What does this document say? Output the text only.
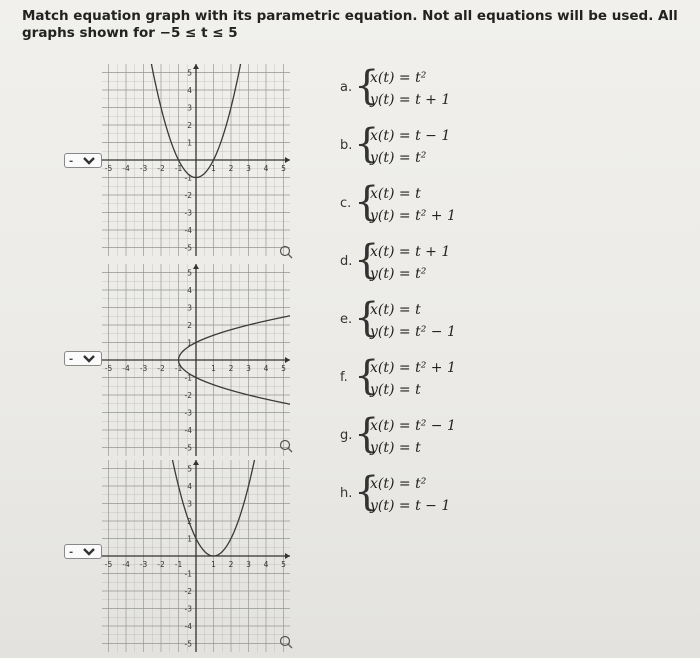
Match equation graph with its parametric equation. Not all equations will be used. All graphs shown for −5 ≤ t ≤ 5
-5 -4 -3 -2 -1	1 2 3 4 5
5
4
3
2
1
-1
-2
-3
-4
-5
-
-5 -4 -3 -2 -1	1 2 3 4 5
5
4
3
2
1
-1
-2
-3
-4
-5
-
-5 -4 -3 -2 -1	1 2 3 4 5
5
4
3
2
1
-1
-2
-3
-4
-5
-
a. {
x(t) = t²
y(t) = t + 1
b. {
x(t) = t − 1
y(t) = t²
c. {
x(t) = t
y(t) = t² + 1
d. {
x(t) = t + 1
y(t) = t²
e. {
x(t) = t
y(t) = t² − 1
f. {
x(t) = t² + 1
y(t) = t
g. {
x(t) = t² − 1
y(t) = t
h. {
x(t) = t²
y(t) = t − 1
